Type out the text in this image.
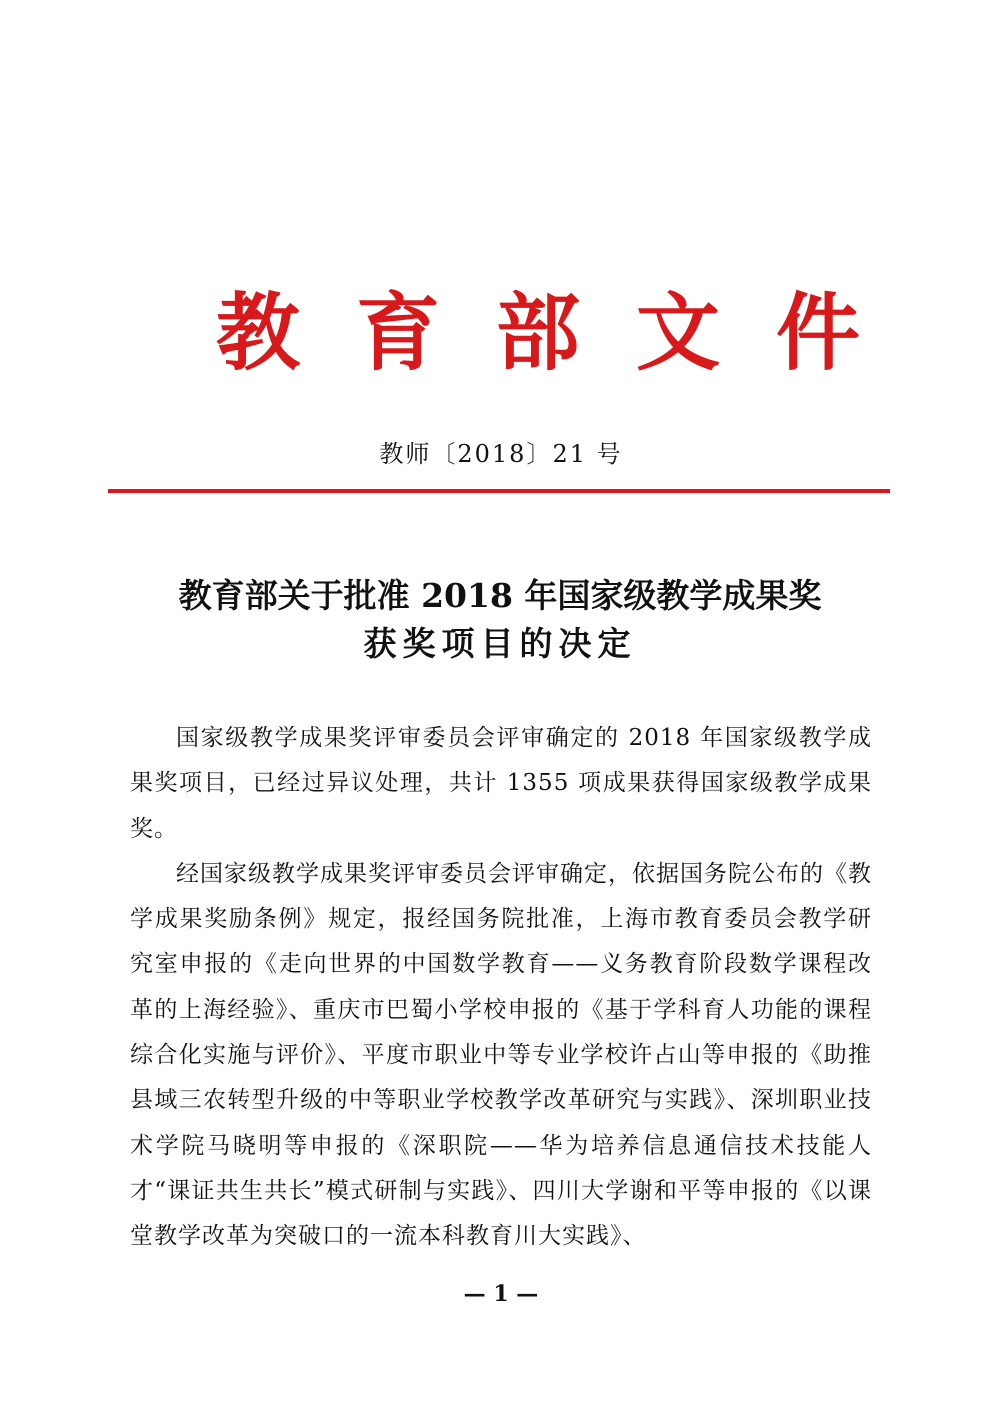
教育部文件
教师〔2018〕21 号
教育部关于批准 2018 年国家级教学成果奖
获奖项目的决定

国家级教学成果奖评审委员会评审确定的 2018 年国家级教学成果奖项目，已经过异议处理，共计 1355 项成果获得国家级教学成果奖。

经国家级教学成果奖评审委员会评审确定，依据国务院公布的《教学成果奖励条例》规定，报经国务院批准，上海市教育委员会教学研究室申报的《走向世界的中国数学教育——义务教育阶段数学课程改革的上海经验》、重庆市巴蜀小学校申报的《基于学科育人功能的课程综合化实施与评价》、平度市职业中等专业学校许占山等申报的《助推县域三农转型升级的中等职业学校教学改革研究与实践》、深圳职业技术学院马晓明等申报的《深职院——华为培养信息通信技术技能人才“课证共生共长”模式研制与实践》、四川大学谢和平等申报的《以课堂教学改革为突破口的一流本科教育川大实践》、

— 1 —
